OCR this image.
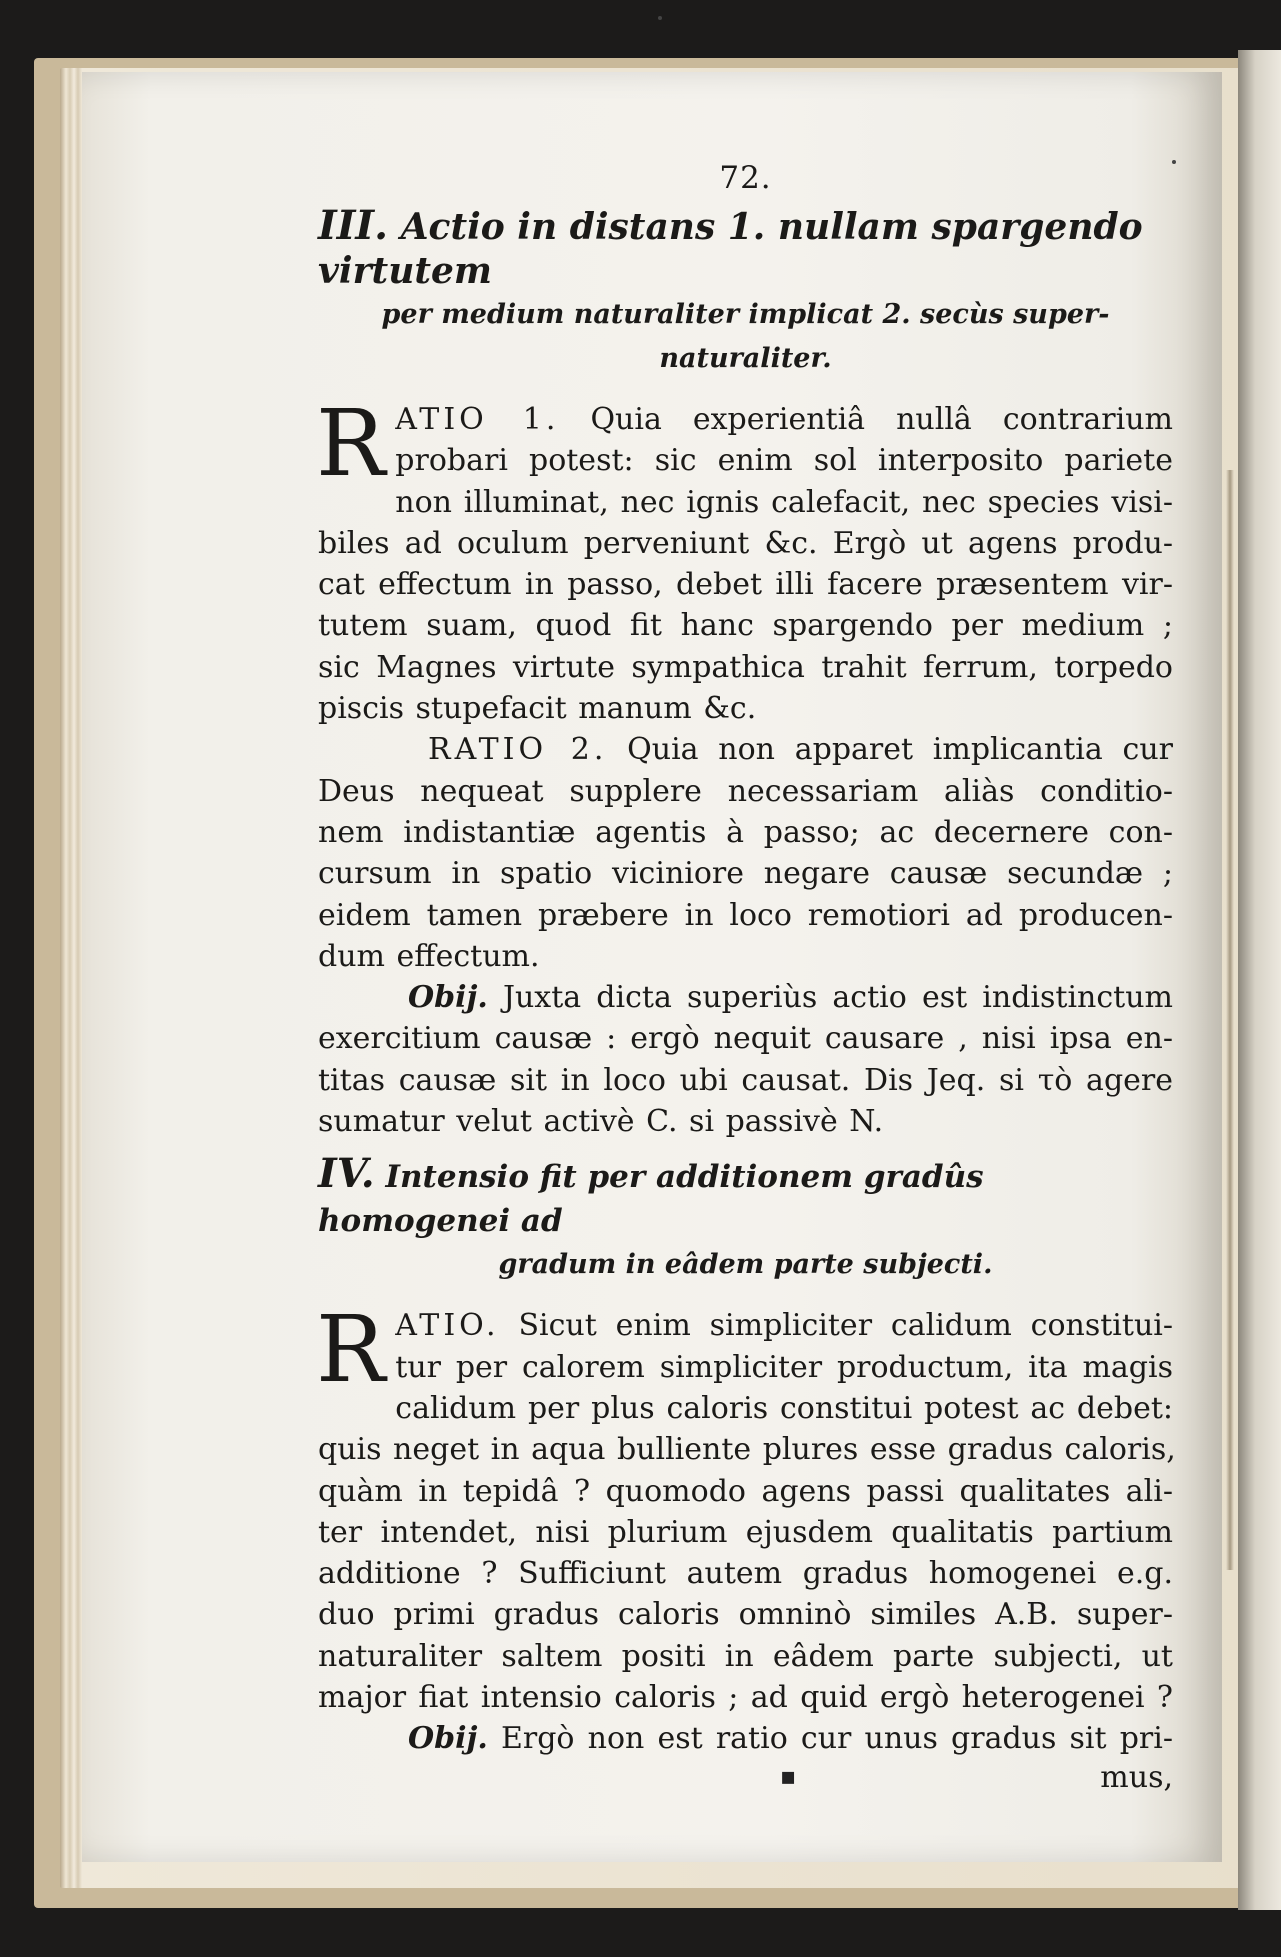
72.
III. Actio in distans 1. nullam spargendo virtutem
per medium naturaliter implicat 2. secùs super-
naturaliter.
R ATIO 1. Quia experientiâ nullâ contrarium
probari potest: sic enim sol interposito pariete
non illuminat, nec ignis calefacit, nec species visi-
biles ad oculum perveniunt &c. Ergò ut agens produ-
cat effectum in passo, debet illi facere præsentem vir-
tutem suam, quod fit hanc spargendo per medium ;
sic Magnes virtute sympathica trahit ferrum, torpedo
piscis stupefacit manum &c.
RATIO 2. Quia non apparet implicantia cur
Deus nequeat supplere necessariam aliàs conditio-
nem indistantiæ agentis à passo; ac decernere con-
cursum in spatio viciniore negare causæ secundæ ;
eidem tamen præbere in loco remotiori ad producen-
dum effectum.
Obij. Juxta dicta superiùs actio est indistinctum
exercitium causæ : ergò nequit causare , nisi ipsa en-
titas causæ sit in loco ubi causat. Dis Jeq. si τò agere
sumatur velut activè C. si passivè N.
IV. Intensio fit per additionem gradûs homogenei ad
gradum in eâdem parte subjecti.
R ATIO. Sicut enim simpliciter calidum constitui-
tur per calorem simpliciter productum, ita magis
calidum per plus caloris constitui potest ac debet:
quis neget in aqua bulliente plures esse gradus caloris,
quàm in tepidâ ? quomodo agens passi qualitates ali-
ter intendet, nisi plurium ejusdem qualitatis partium
additione ? Sufficiunt autem gradus homogenei e.g.
duo primi gradus caloris omninò similes A.B. super-
naturaliter saltem positi in eâdem parte subjecti, ut
major fiat intensio caloris ; ad quid ergò heterogenei ?
Obij. Ergò non est ratio cur unus gradus sit pri-
mus,
▪
